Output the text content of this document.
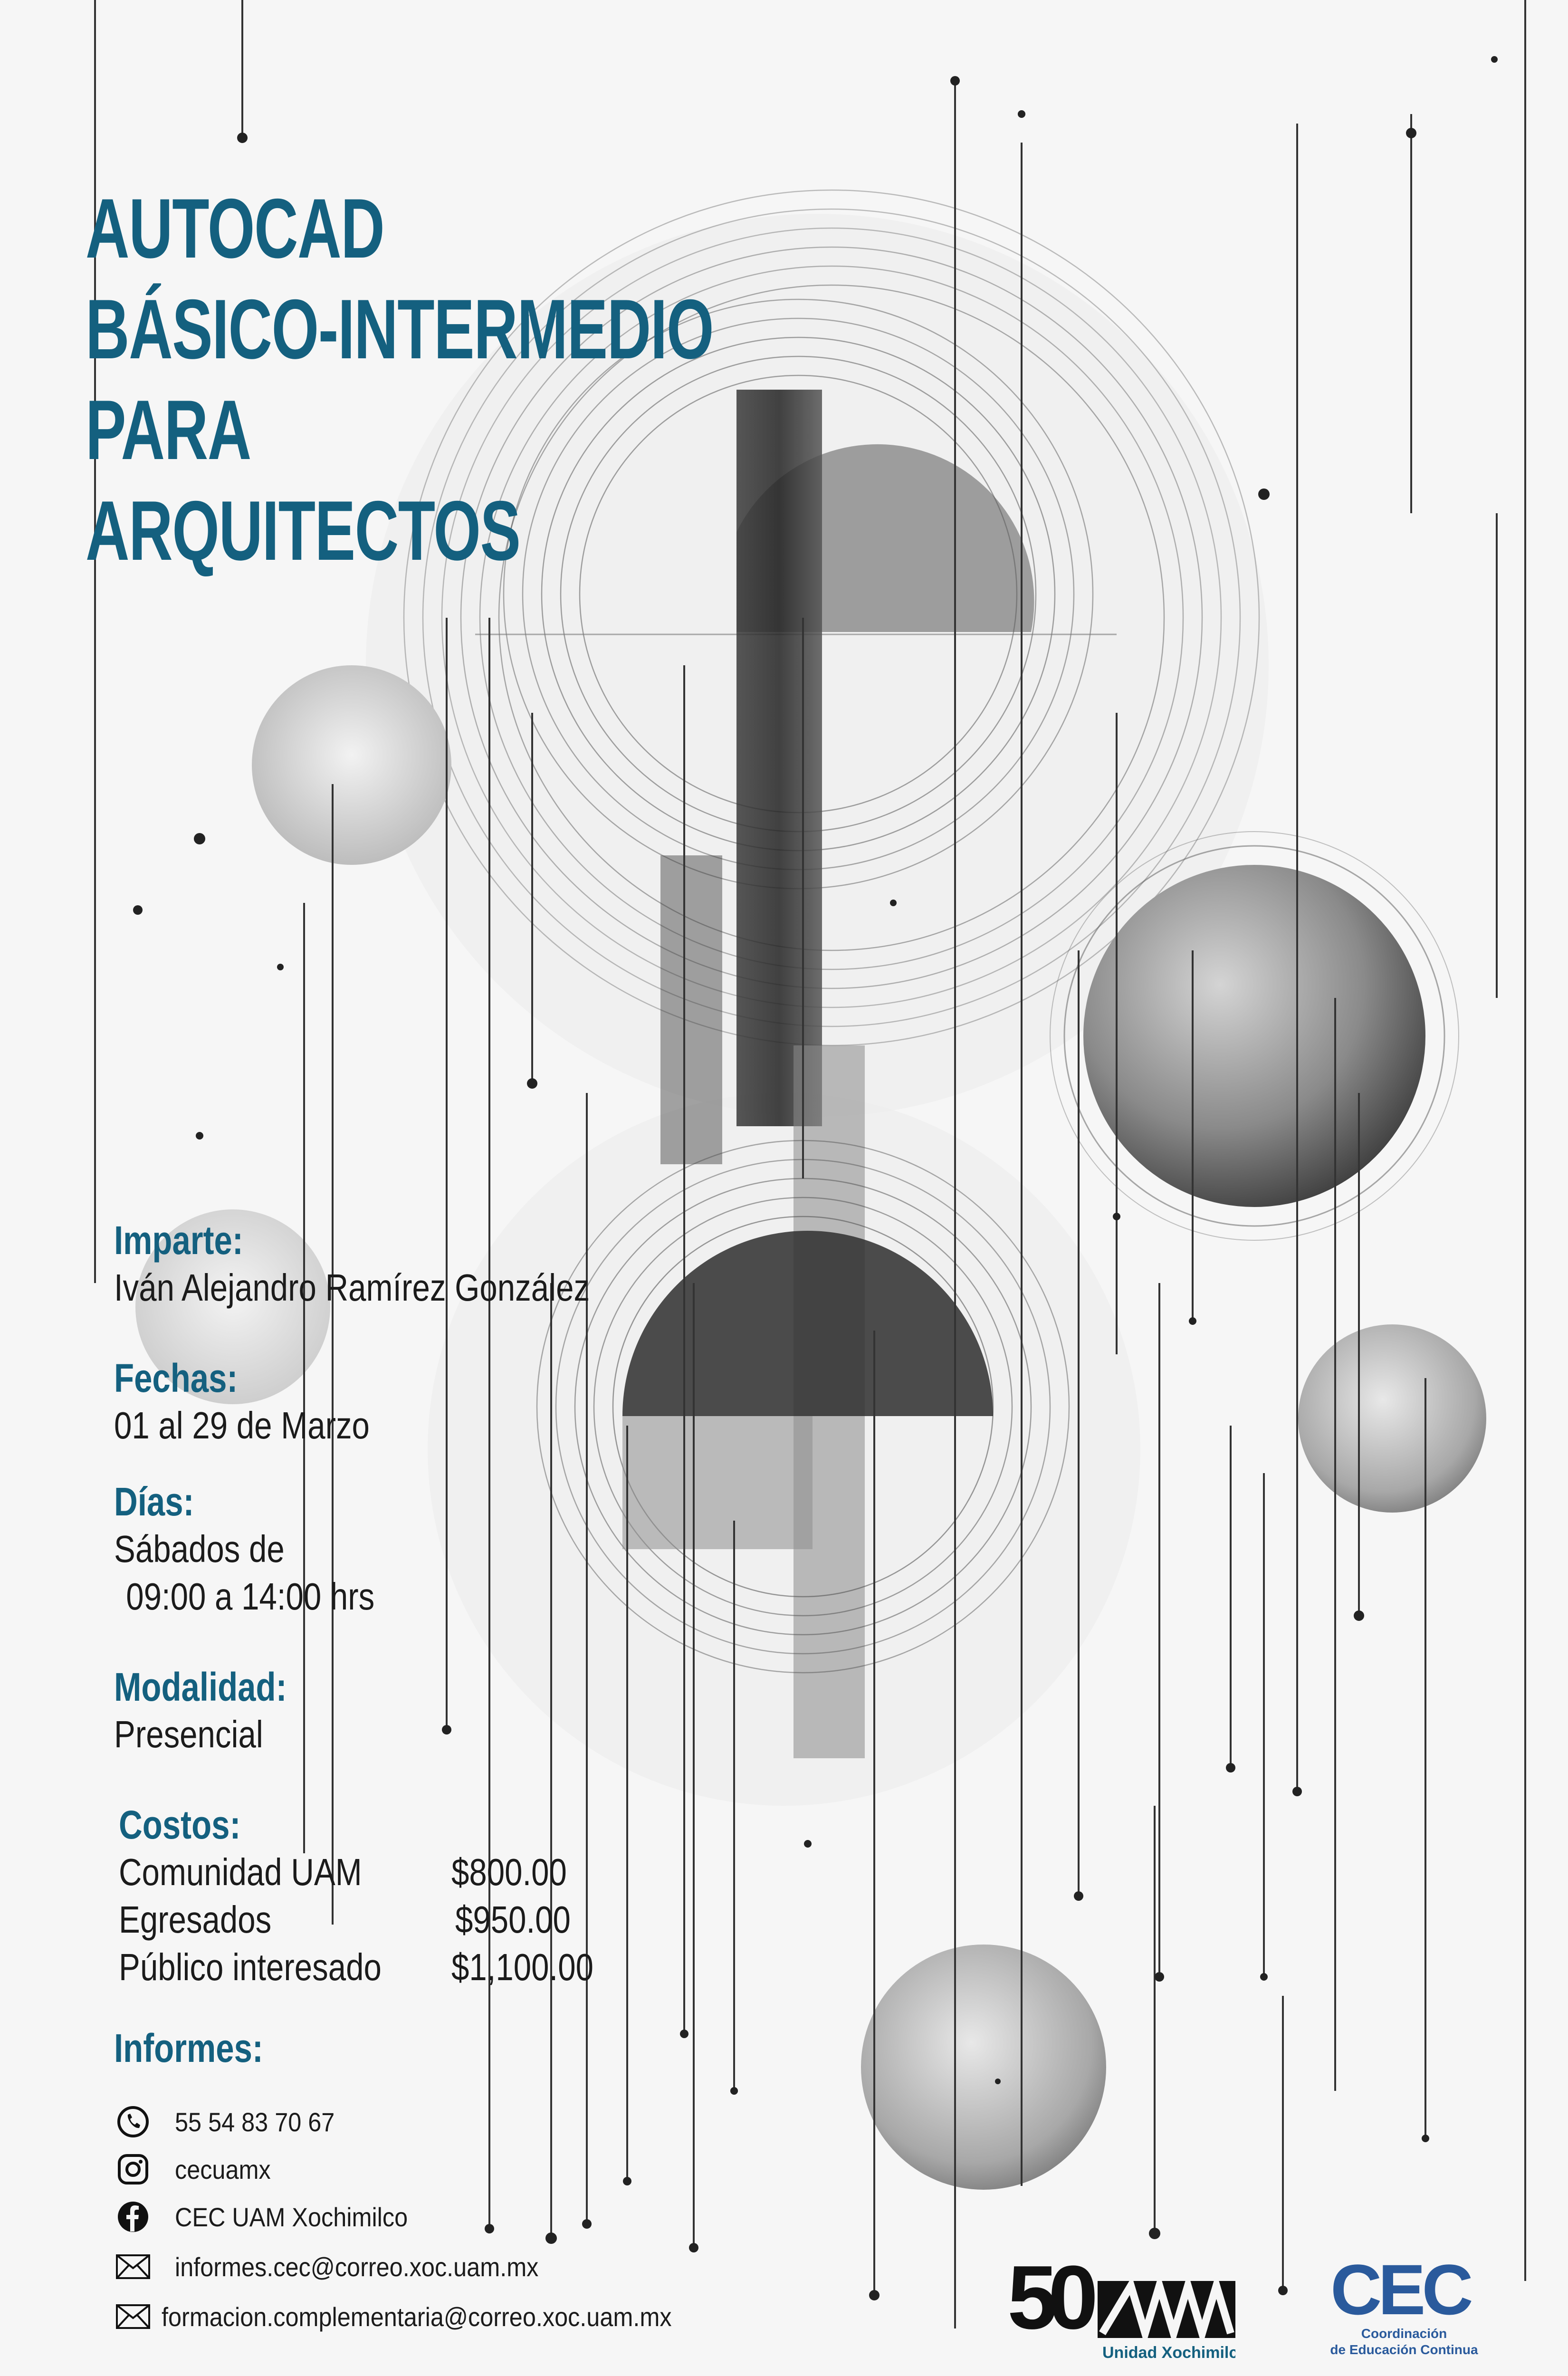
AUTOCAD
BÁSICO-INTERMEDIO
PARA
ARQUITECTOS
Imparte:
Iván Alejandro Ramírez González
Fechas:
01 al 29 de Marzo
Días:
Sábados de
09:00 a 14:00 hrs
Modalidad:
Presencial
Costos:
Comunidad UAM $800.00
Egresados	$950.00
Público interesado $1,100.00
Informes:
55 54 83 70 67
cecuamx
CEC UAM Xochimilco
informes.cec@correo.xoc.uam.mx
formacion.complementaria@correo.xoc.uam.mx	50
Unidad Xochimilco
CEC
Coordinación
de Educación Continua
